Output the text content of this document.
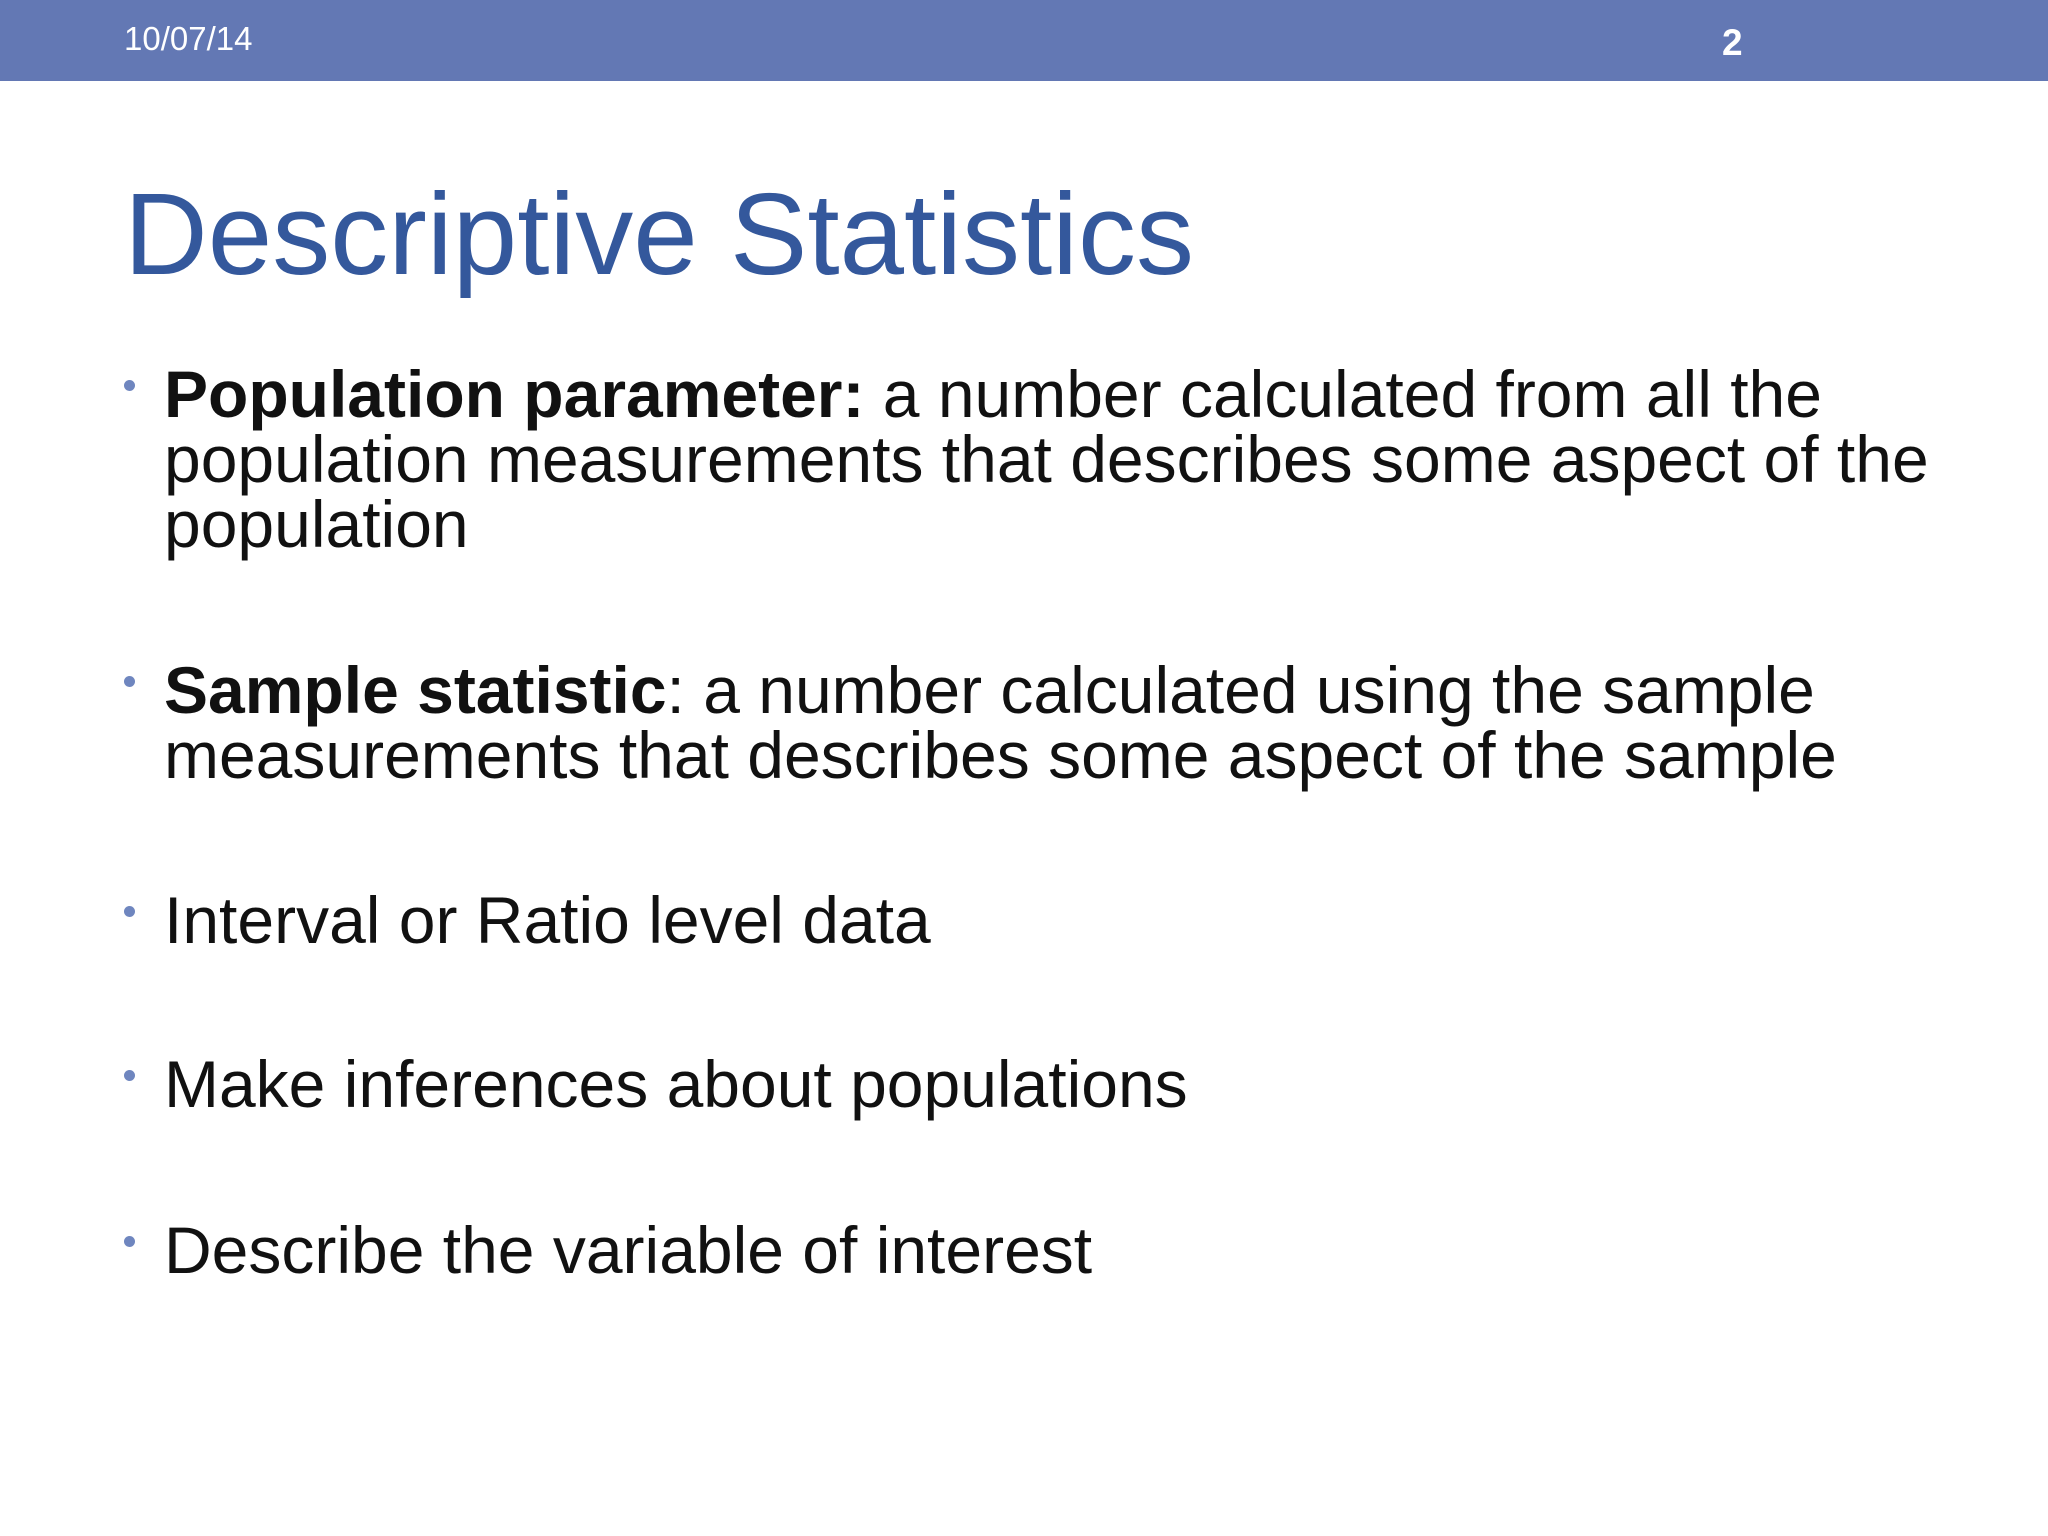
10/07/14	2
Descriptive Statistics
Population parameter: a number calculated from all the population measurements that describes some aspect of the population
Sample statistic: a number calculated using the sample measurements that describes some aspect of the sample
Interval or Ratio level data
Make inferences about populations
Describe the variable of interest
